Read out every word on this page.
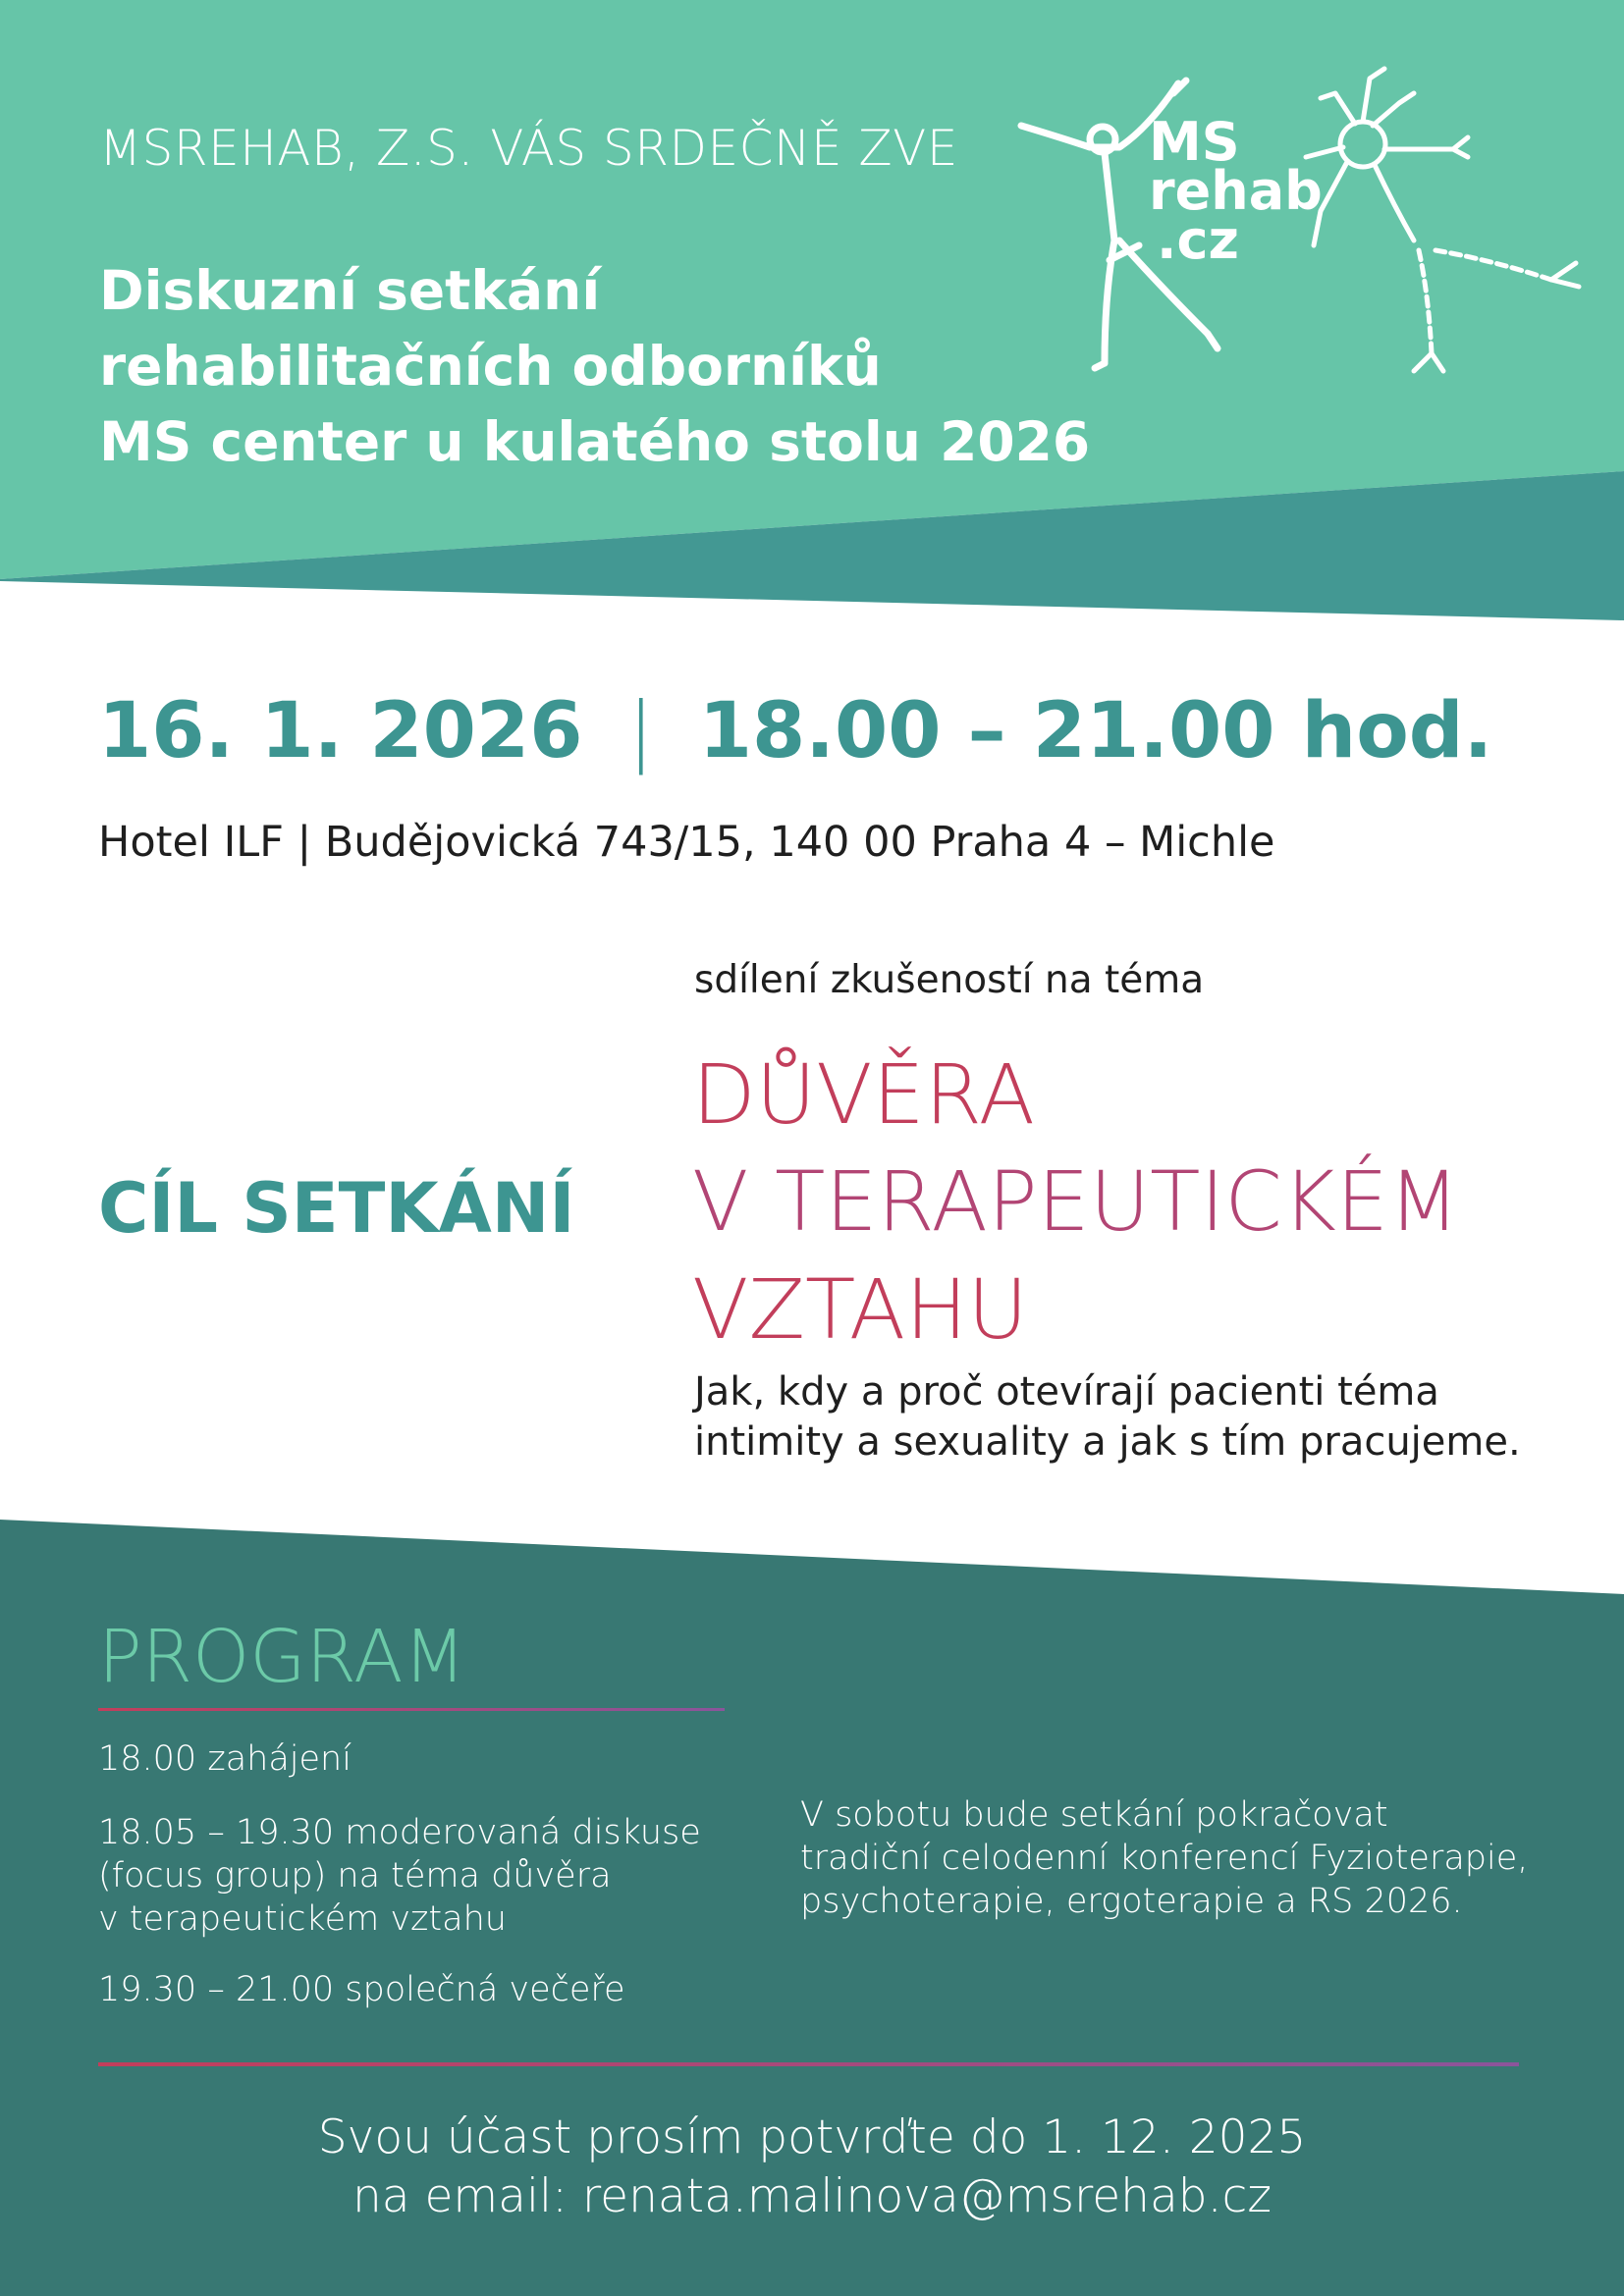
MS
rehab
.cz
MSREHAB, Z.S. VÁS SRDEČNĚ ZVE
Diskuzní setkání
rehabilitačních odborníků
MS center u kulatého stolu 2026
16. 1. 2026 | 18.00 – 21.00 hod.
Hotel ILF | Budějovická 743/15, 140 00 Praha 4 – Michle
CÍL SETKÁNÍ
sdílení zkušeností na téma
DŮVĚRA
V TERAPEUTICKÉM
VZTAHU
Jak, kdy a proč otevírají pacienti téma
intimity a sexuality a jak s tím pracujeme.
PROGRAM
18.00 zahájení
18.05 – 19.30 moderovaná diskuse
(focus group) na téma důvěra
v terapeutickém vztahu
19.30 – 21.00 společná večeře
V sobotu bude setkání pokračovat
tradiční celodenní konferencí Fyzioterapie,
psychoterapie, ergoterapie a RS 2026.
Svou účast prosím potvrďte do 1. 12. 2025
na email: renata.malinova@msrehab.cz
